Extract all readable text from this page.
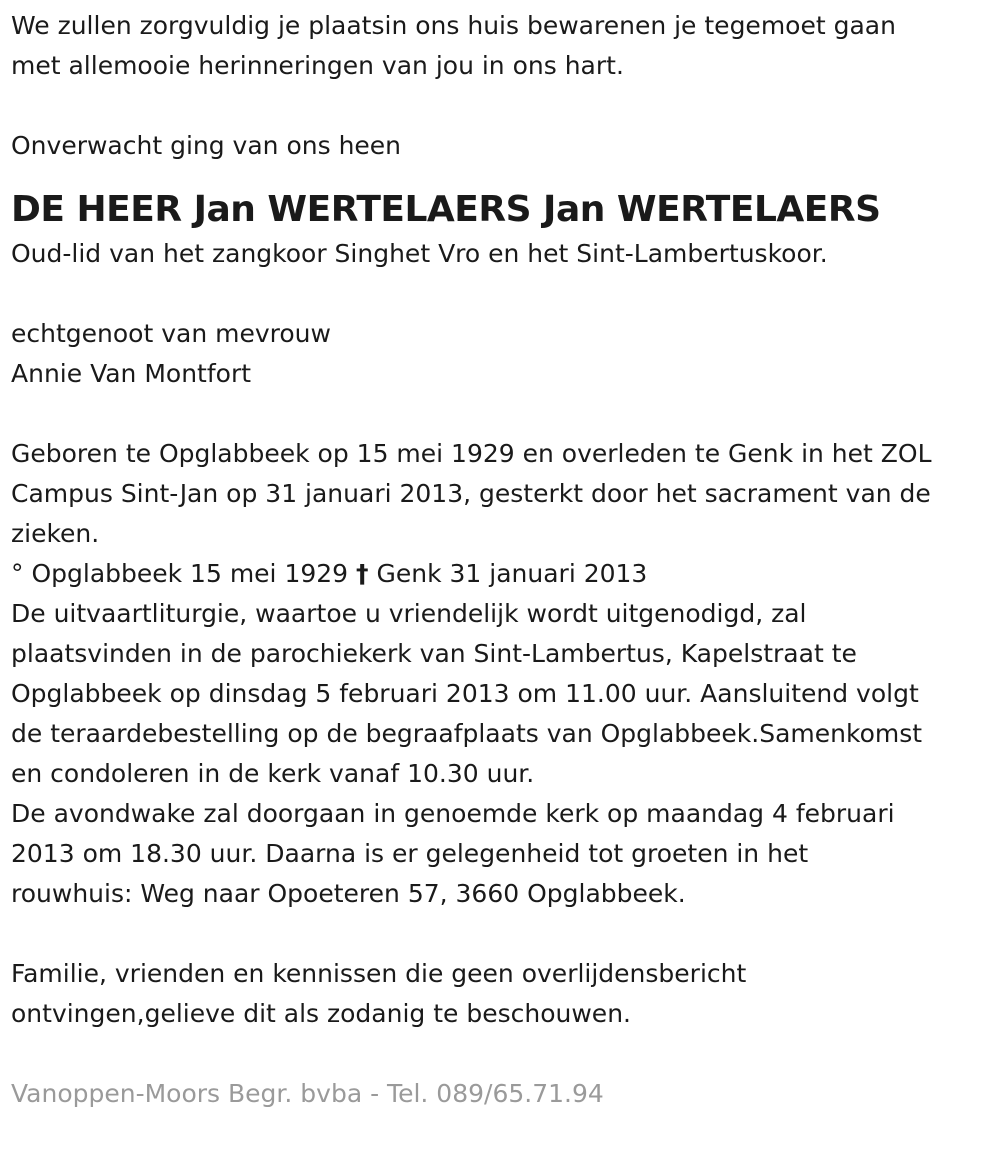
We zullen zorgvuldig je plaatsin ons huis bewarenen je tegemoet gaan

met allemooie herinneringen van jou in ons hart.

Onverwacht ging van ons heen

DE HEER Jan WERTELAERS Jan WERTELAERS

Oud-lid van het zangkoor Singhet Vro en het Sint-Lambertuskoor.

echtgenoot van mevrouw

Annie Van Montfort

Geboren te Opglabbeek op 15 mei 1929 en overleden te Genk in het ZOL

Campus Sint-Jan op 31 januari 2013, gesterkt door het sacrament van de

zieken.

° Opglabbeek 15 mei 1929 † Genk 31 januari 2013

De uitvaartliturgie, waartoe u vriendelijk wordt uitgenodigd, zal

plaatsvinden in de parochiekerk van Sint-Lambertus, Kapelstraat te

Opglabbeek op dinsdag 5 februari 2013 om 11.00 uur. Aansluitend volgt

de teraardebestelling op de begraafplaats van Opglabbeek.Samenkomst

en condoleren in de kerk vanaf 10.30 uur.

De avondwake zal doorgaan in genoemde kerk op maandag 4 februari

2013 om 18.30 uur. Daarna is er gelegenheid tot groeten in het

rouwhuis: Weg naar Opoeteren 57, 3660 Opglabbeek.

Familie, vrienden en kennissen die geen overlijdensbericht

ontvingen,gelieve dit als zodanig te beschouwen.

Vanoppen-Moors Begr. bvba - Tel. 089/65.71.94
